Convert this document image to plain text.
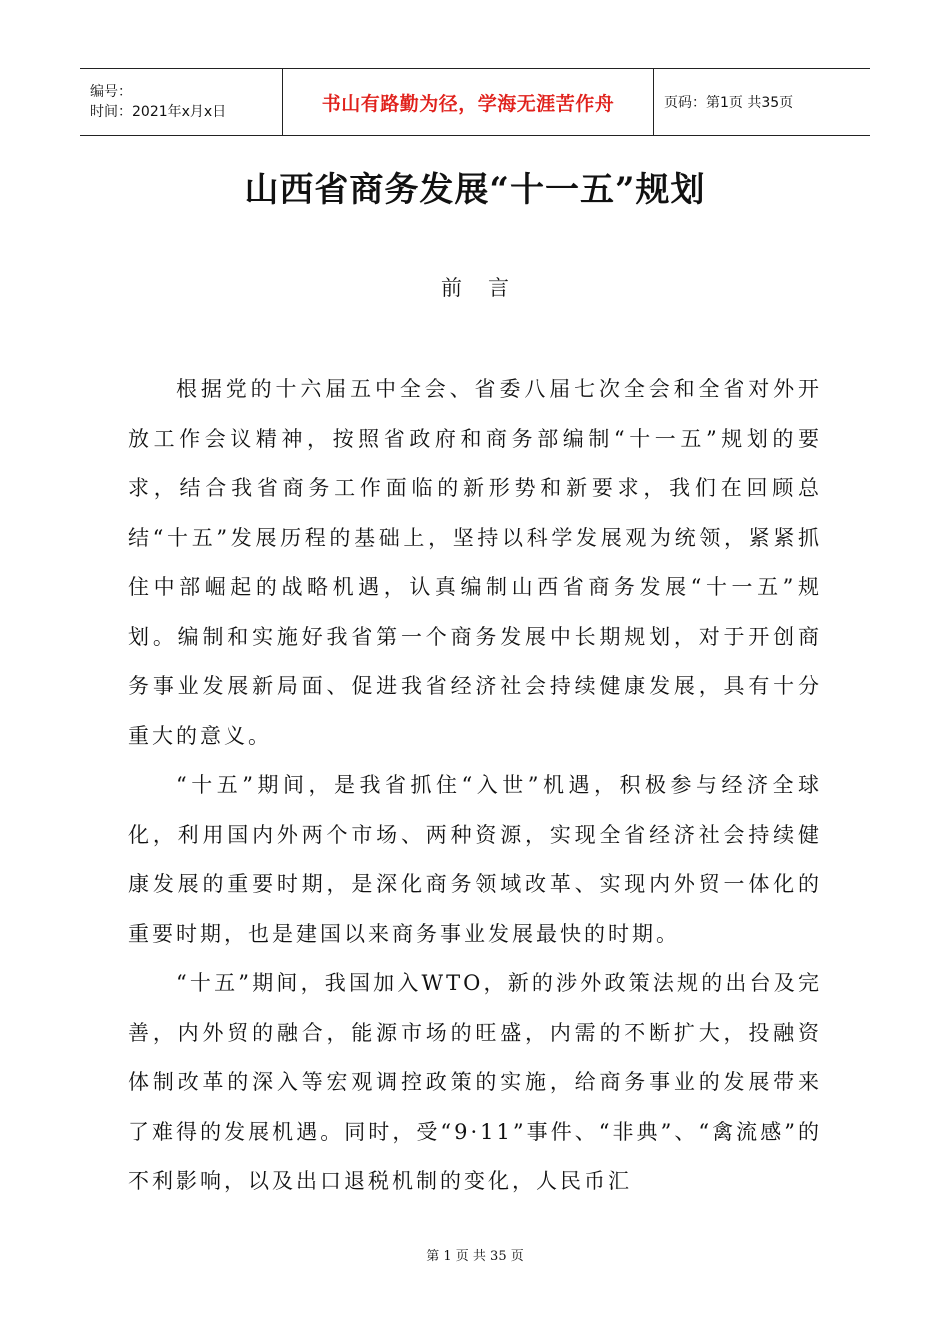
编号：
时间：2021年x月x日	书山有路勤为径，学海无涯苦作舟	页码：第1页 共35页
山西省商务发展“十一五”规划
前言

根据党的十六届五中全会、省委八届七次全会和全省对外开放工作会议精神，按照省政府和商务部编制“十一五”规划的要求，结合我省商务工作面临的新形势和新要求，我们在回顾总结“十五”发展历程的基础上，坚持以科学发展观为统领，紧紧抓住中部崛起的战略机遇，认真编制山西省商务发展“十一五”规划。编制和实施好我省第一个商务发展中长期规划，对于开创商务事业发展新局面、促进我省经济社会持续健康发展，具有十分重大的意义。

“十五”期间，是我省抓住“入世”机遇，积极参与经济全球化，利用国内外两个市场、两种资源，实现全省经济社会持续健康发展的重要时期，是深化商务领域改革、实现内外贸一体化的重要时期，也是建国以来商务事业发展最快的时期。

“十五”期间，我国加入WTO，新的涉外政策法规的出台及完善，内外贸的融合，能源市场的旺盛，内需的不断扩大，投融资体制改革的深入等宏观调控政策的实施，给商务事业的发展带来了难得的发展机遇。同时，受“9·11”事件、“非典”、“禽流感”的不利影响，以及出口退税机制的变化，人民币汇

第 1 页 共 35 页
